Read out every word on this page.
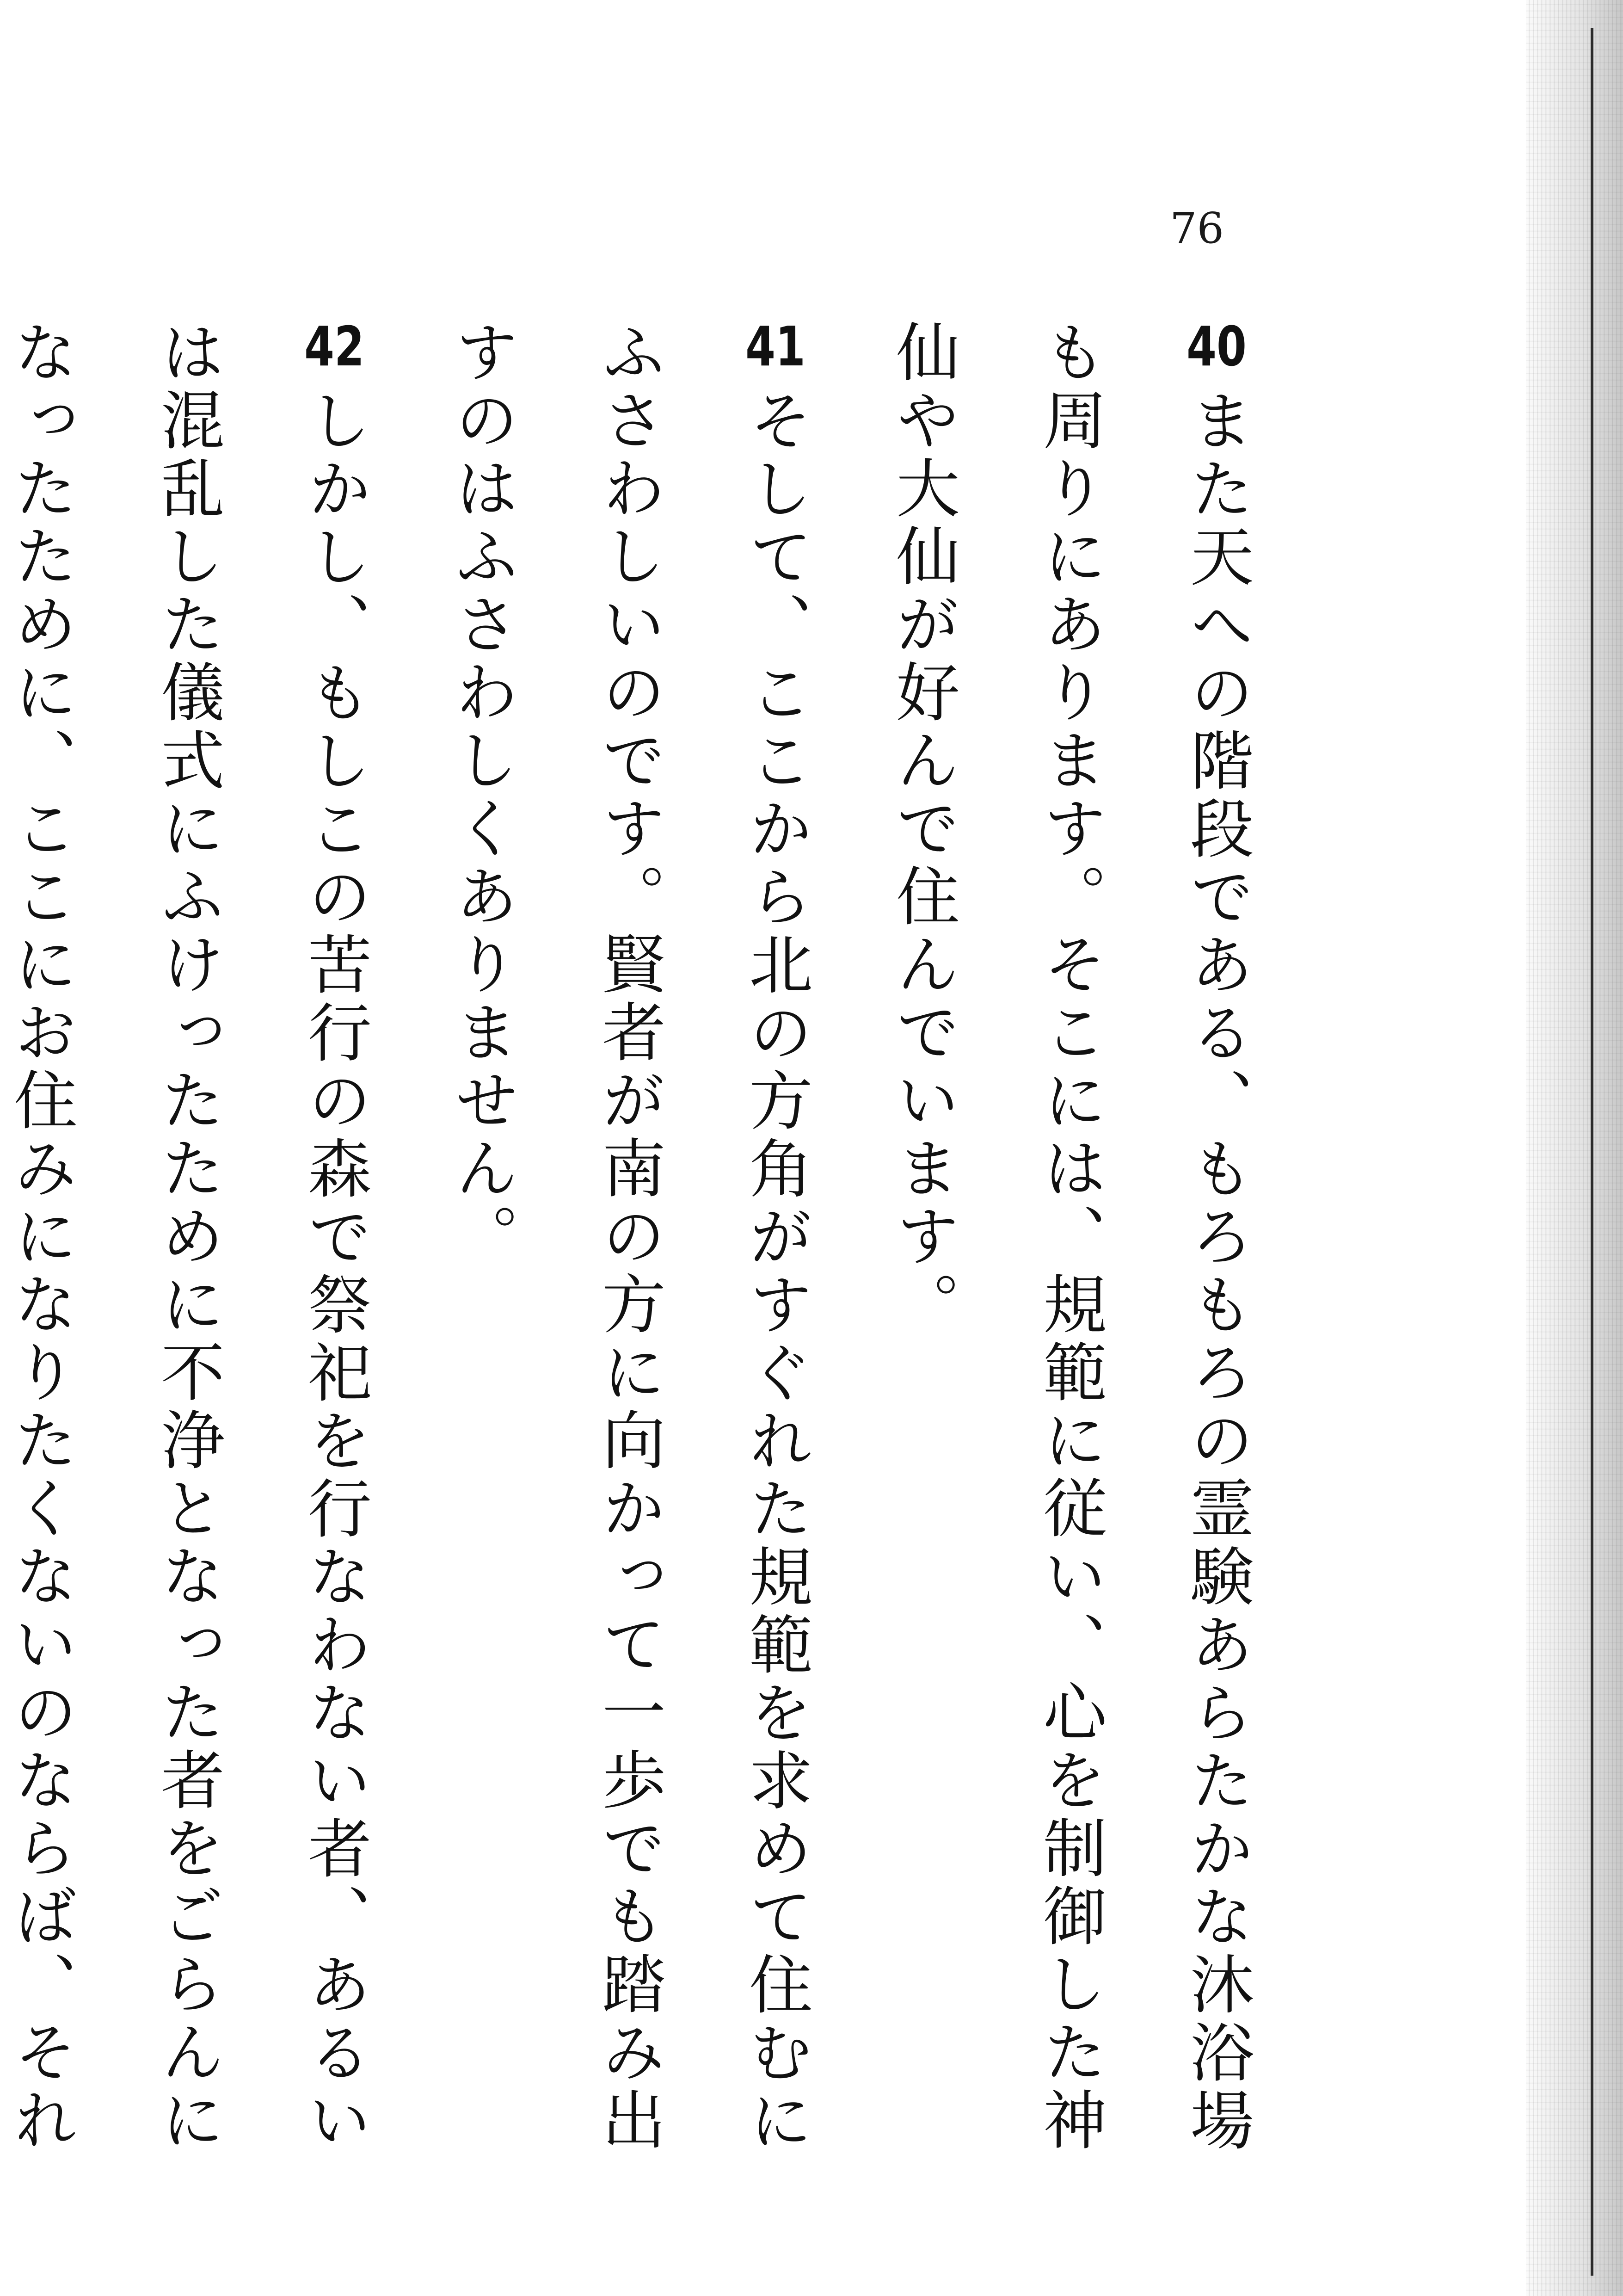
76

40また天への階段である、もろもろの霊験あらたかな沐浴場も周りにあります。そこには、規範に従い、心を制御した神仙や大仙が好んで住んでいます。

41そして、ここから北の方角がすぐれた規範を求めて住むにふさわしいのです。賢者が南の方に向かって一歩でも踏み出すのはふさわしくありません。

42しかし、もしこの苦行の森で祭祀を行なわない者、あるいは混乱した儀式にふけったために不浄となった者をごらんになったために、ここにお住みになりたくないのならば、それ
